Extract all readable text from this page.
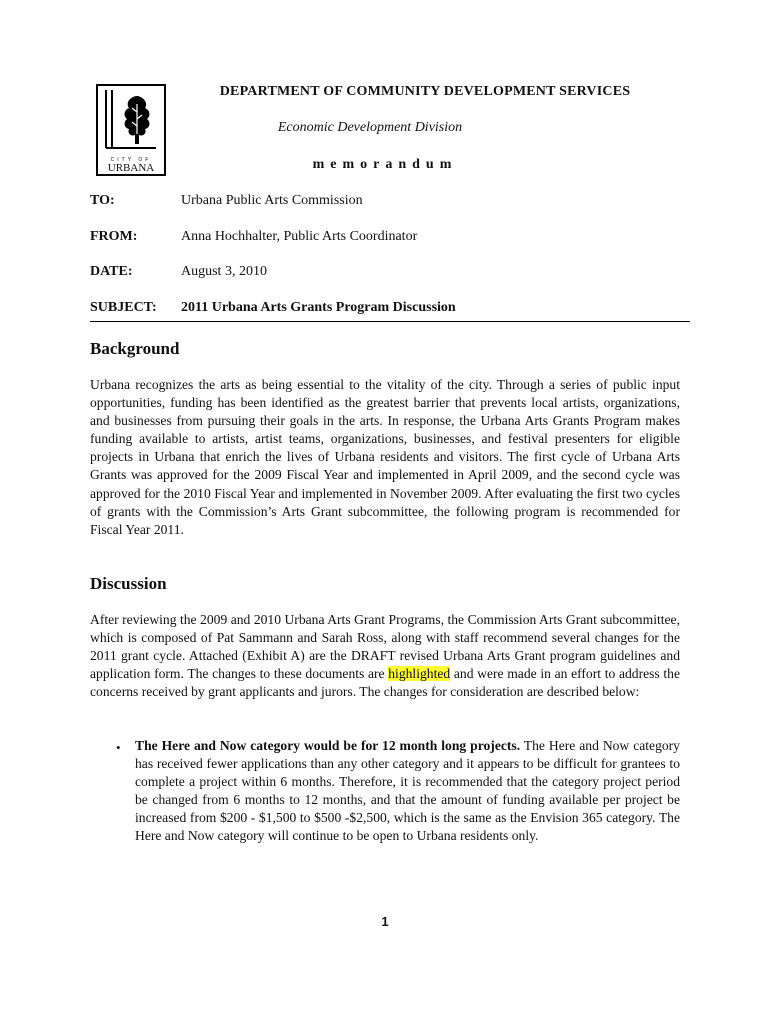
CITY OF
URBANA
DEPARTMENT OF COMMUNITY DEVELOPMENT SERVICES
Economic Development Division
memorandum
TO:	Urbana Public Arts Commission
FROM:	Anna Hochhalter, Public Arts Coordinator
DATE:	August 3, 2010
SUBJECT: 2011 Urbana Arts Grants Program Discussion
Background

Urbana recognizes the arts as being essential to the vitality of the city. Through a series of public input opportunities, funding has been identified as the greatest barrier that prevents local artists, organizations, and businesses from pursuing their goals in the arts. In response, the Urbana Arts Grants Program makes funding available to artists, artist teams, organizations, businesses, and festival presenters for eligible projects in Urbana that enrich the lives of Urbana residents and visitors. The first cycle of Urbana Arts Grants was approved for the 2009 Fiscal Year and implemented in April 2009, and the second cycle was approved for the 2010 Fiscal Year and implemented in November 2009. After evaluating the first two cycles of grants with the Commission’s Arts Grant subcommittee, the following program is recommended for Fiscal Year 2011.

Discussion

After reviewing the 2009 and 2010 Urbana Arts Grant Programs, the Commission Arts Grant subcommittee, which is composed of Pat Sammann and Sarah Ross, along with staff recommend several changes for the 2011 grant cycle. Attached (Exhibit A) are the DRAFT revised Urbana Arts Grant program guidelines and application form. The changes to these documents are highlighted and were made in an effort to address the concerns received by grant applicants and jurors. The changes for consideration are described below:

• The Here and Now category would be for 12 month long projects. The Here and Now category has received fewer applications than any other category and it appears to be difficult for grantees to complete a project within 6 months. Therefore, it is recommended that the category project period be changed from 6 months to 12 months, and that the amount of funding available per project be increased from $200 - $1,500 to $500 -$2,500, which is the same as the Envision 365 category. The Here and Now category will continue to be open to Urbana residents only.

1
